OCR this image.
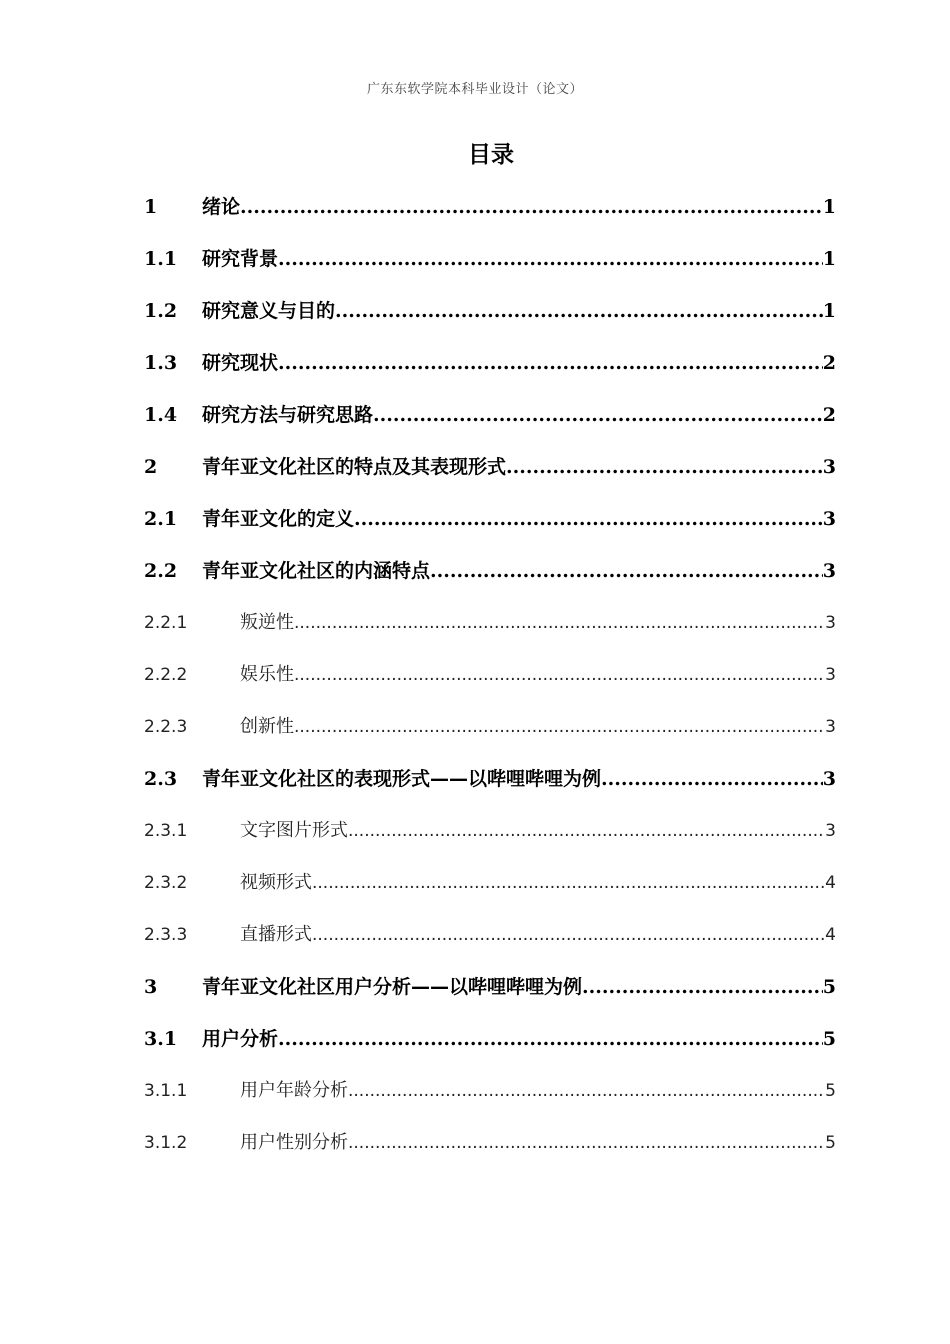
广东东软学院本科毕业设计（论文）
目录
1	绪论 .....	1
1.1	研究背景 .....	1
1.2	研究意义与目的 .....	1
1.3	研究现状 .....	2
1.4	研究方法与研究思路 .....	2
2	青年亚文化社区的特点及其表现形式 .....	3
2.1	青年亚文化的定义 .....	3
2.2	青年亚文化社区的内涵特点 .....	3
2.2.1	叛逆性 .....	3
2.2.2	娱乐性 .....	3
2.2.3	创新性 .....	3
2.3	青年亚文化社区的表现形式——以哔哩哔哩为例 .....	3
2.3.1	文字图片形式 .....	3
2.3.2	视频形式 .....	4
2.3.3	直播形式 .....	4
3	青年亚文化社区用户分析——以哔哩哔哩为例 .....	5
3.1	用户分析 .....	5
3.1.1	用户年龄分析 .....	5
3.1.2	用户性别分析 .....	5
